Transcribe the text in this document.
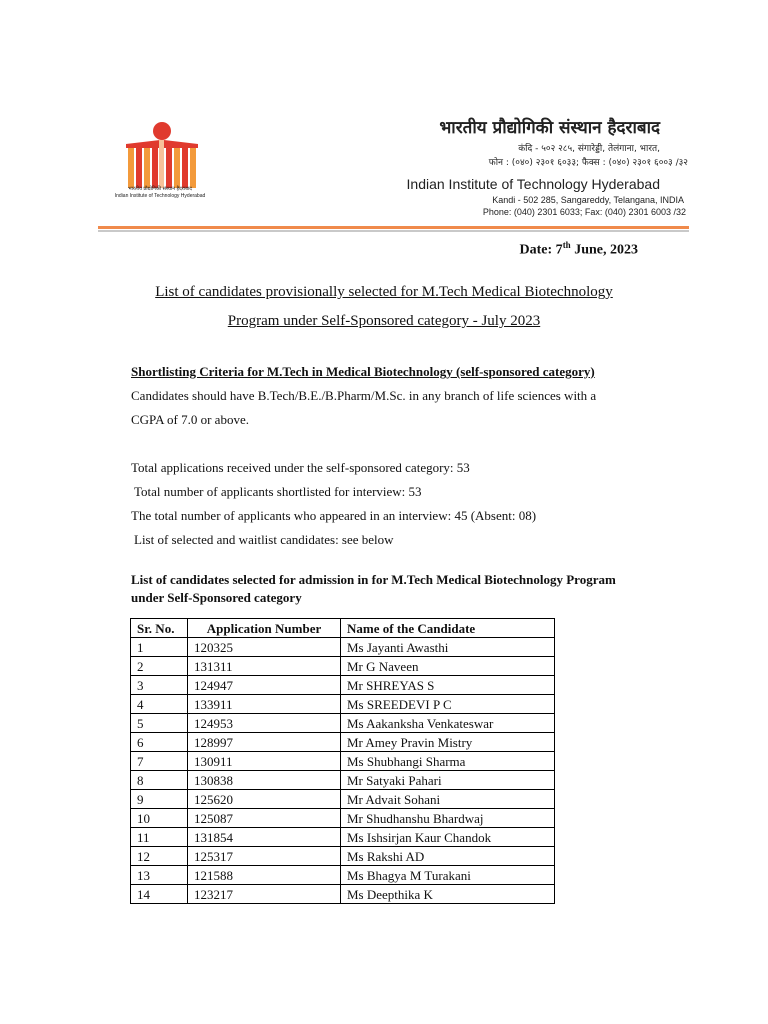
भारतीय प्रौद्योगिकी संस्थान हैदराबाद
Indian Institute of Technology Hyderabad
भारतीय प्रौद्योगिकी संस्थान हैदराबाद
कंदि - ५०२ २८५, संगारेड्डी, तेलंगाना, भारत,
फोन : (०४०) २३०१ ६०३३; फैक्स : (०४०) २३०१ ६००३ /३२
Indian Institute of Technology Hyderabad
Kandi - 502 285, Sangareddy, Telangana, INDIA
Phone: (040) 2301 6033; Fax: (040) 2301 6003 /32
Date: 7th June, 2023
List of candidates provisionally selected for M.Tech Medical Biotechnology
Program under Self-Sponsored category - July 2023
Shortlisting Criteria for M.Tech in Medical Biotechnology (self-sponsored category)
Candidates should have B.Tech/B.E./B.Pharm/M.Sc. in any branch of life sciences with a
CGPA of 7.0 or above.
Total applications received under the self-sponsored category: 53
Total number of applicants shortlisted for interview: 53
The total number of applicants who appeared in an interview: 45 (Absent: 08)
List of selected and waitlist candidates: see below
List of candidates selected for admission in for M.Tech Medical Biotechnology Program
under Self-Sponsored category
Sr. No.	Application Number	Name of the Candidate
1	120325	Ms Jayanti Awasthi
2	131311	Mr G Naveen
3	124947	Mr SHREYAS S
4	133911	Ms SREEDEVI P C
5	124953	Ms Aakanksha Venkateswar
6	128997	Mr Amey Pravin Mistry
7	130911	Ms Shubhangi Sharma
8	130838	Mr Satyaki Pahari
9	125620	Mr Advait Sohani
10	125087	Mr Shudhanshu Bhardwaj
11	131854	Ms Ishsirjan Kaur Chandok
12	125317	Ms Rakshi AD
13	121588	Ms Bhagya M Turakani
14	123217	Ms Deepthika K
